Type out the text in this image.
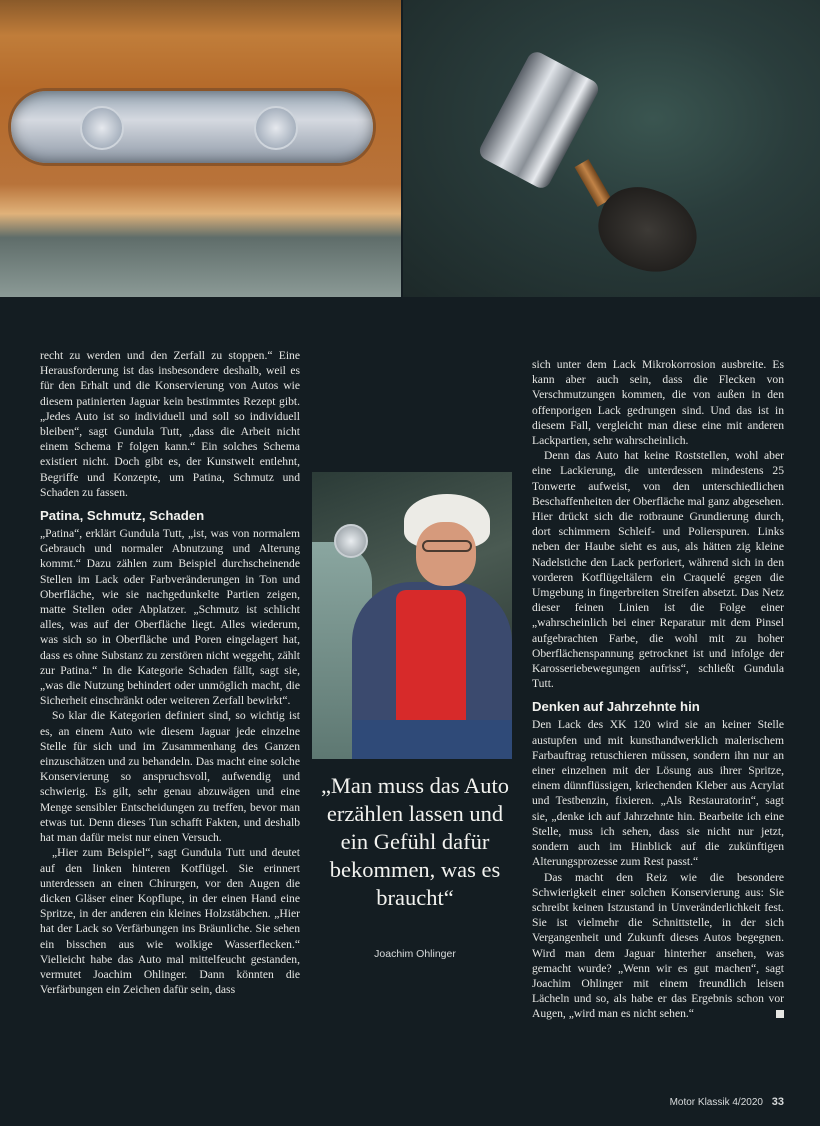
recht zu werden und den Zerfall zu stoppen.“ Eine Herausforderung ist das insbesondere deshalb, weil es für den Erhalt und die Konservierung von Autos wie diesem patinierten Jaguar kein bestimmtes Rezept gibt. „Jedes Auto ist so individuell und soll so individuell bleiben“, sagt Gundula Tutt, „dass die Arbeit nicht einem Schema F folgen kann.“ Ein solches Schema existiert nicht. Doch gibt es, der Kunstwelt entlehnt, Begriffe und Konzepte, um Patina, Schmutz und Schaden zu fassen.

Patina, Schmutz, Schaden

„Patina“, erklärt Gundula Tutt, „ist, was von normalem Gebrauch und normaler Abnutzung und Alterung kommt.“ Dazu zählen zum Beispiel durchscheinende Stellen im Lack oder Farbveränderungen in Ton und Oberfläche, wie sie nachgedunkelte Partien zeigen, matte Stellen oder Abplatzer. „Schmutz ist schlicht alles, was auf der Oberfläche liegt. Alles wiederum, was sich so in Oberfläche und Poren eingelagert hat, dass es ohne Substanz zu zerstören nicht weggeht, zählt zur Patina.“ In die Kategorie Schaden fällt, sagt sie, „was die Nutzung behindert oder unmöglich macht, die Sicherheit einschränkt oder weiteren Zerfall bewirkt“.

So klar die Kategorien definiert sind, so wichtig ist es, an einem Auto wie diesem Jaguar jede einzelne Stelle für sich und im Zusammenhang des Ganzen einzuschätzen und zu behandeln. Das macht eine solche Konservierung so anspruchsvoll, aufwendig und schwierig. Es gilt, sehr genau abzuwägen und eine Menge sensibler Entscheidungen zu treffen, bevor man etwas tut. Denn dieses Tun schafft Fakten, und deshalb hat man dafür meist nur einen Versuch.

„Hier zum Beispiel“, sagt Gundula Tutt und deutet auf den linken hinteren Kotflügel. Sie erinnert unterdessen an einen Chirurgen, vor den Augen die dicken Gläser einer Kopflupe, in der einen Hand eine Spritze, in der anderen ein kleines Holzstäbchen. „Hier hat der Lack so Verfärbungen ins Bräunliche. Sie sehen ein bisschen aus wie wolkige Wasserflecken.“ Vielleicht habe das Auto mal mittelfeucht gestanden, vermutet Joachim Ohlinger. Dann könnten die Verfärbungen ein Zeichen dafür sein, dass

„Man muss das Auto erzählen lassen und ein Gefühl dafür bekommen, was es braucht“
Joachim Ohlinger

sich unter dem Lack Mikrokorrosion ausbreite. Es kann aber auch sein, dass die Flecken von Verschmutzungen kommen, die von außen in den offenporigen Lack gedrungen sind. Und das ist in diesem Fall, vergleicht man diese eine mit anderen Lackpartien, sehr wahrscheinlich.

Denn das Auto hat keine Roststellen, wohl aber eine Lackierung, die unterdessen mindestens 25 Tonwerte aufweist, von den unterschiedlichen Beschaffenheiten der Oberfläche mal ganz abgesehen. Hier drückt sich die rotbraune Grundierung durch, dort schimmern Schleif- und Polierspuren. Links neben der Haube sieht es aus, als hätten zig kleine Nadelstiche den Lack perforiert, während sich in den vorderen Kotflügeltälern ein Craquelé gegen die Umgebung in fingerbreiten Streifen absetzt. Das Netz dieser feinen Linien ist die Folge einer „wahrscheinlich bei einer Reparatur mit dem Pinsel aufgebrachten Farbe, die wohl mit zu hoher Oberflächenspannung getrocknet ist und infolge der Karosseriebewegungen aufriss“, schließt Gundula Tutt.

Denken auf Jahrzehnte hin

Den Lack des XK 120 wird sie an keiner Stelle austupfen und mit kunsthandwerklich malerischem Farbauftrag retuschieren müssen, sondern ihn nur an einer einzelnen mit der Lösung aus ihrer Spritze, einem dünnflüssigen, kriechenden Kleber aus Acrylat und Testbenzin, fixieren. „Als Restauratorin“, sagt sie, „denke ich auf Jahrzehnte hin. Bearbeite ich eine Stelle, muss ich sehen, dass sie nicht nur jetzt, sondern auch im Hinblick auf die zukünftigen Alterungsprozesse zum Rest passt.“

Das macht den Reiz wie die besondere Schwierigkeit einer solchen Konservierung aus: Sie schreibt keinen Istzustand in Unveränderlichkeit fest. Sie ist vielmehr die Schnittstelle, in der sich Vergangenheit und Zukunft dieses Autos begegnen. Wird man dem Jaguar hinterher ansehen, was gemacht wurde? „Wenn wir es gut machen“, sagt Joachim Ohlinger mit einem freundlich leisen Lächeln und so, als habe er das Ergebnis schon vor Augen, „wird man es nicht sehen.“

Motor Klassik 4/2020 33
